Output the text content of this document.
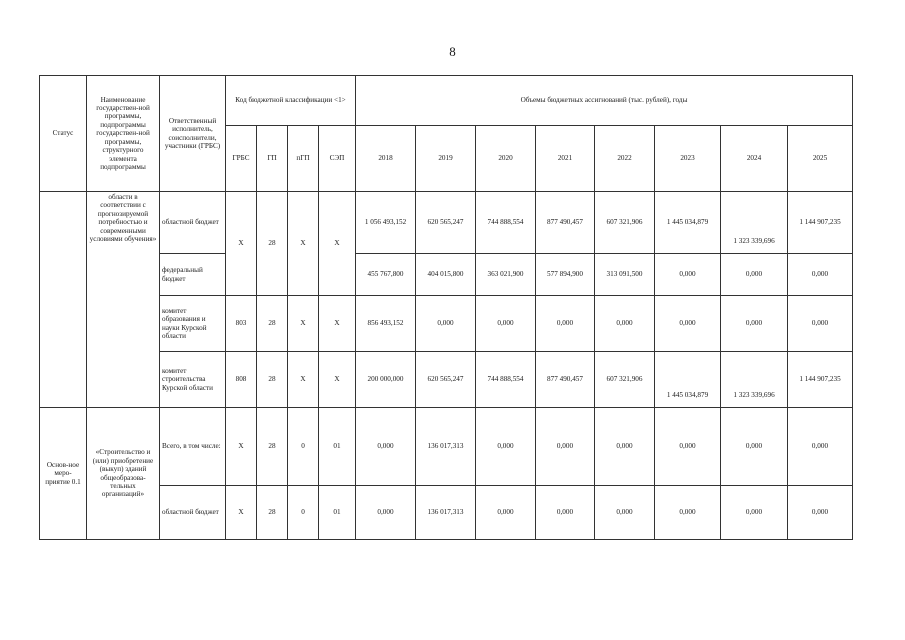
8
Статус	Наименование государствен-ной программы, подпрограммы государствен-ной программы, структурного элемента подпрограммы	Ответственный исполнитель, соисполнители, участники (ГРБС)	Код бюджетной классификации <1>				Объемы бюджетных ассигнований (тыс. рублей), годы							
			ГРБС	ГП	пГП	СЭП	2018	2019	2020	2021	2022	2023	2024	2025
	области в соответствии с прогнозируемой потребностью и современными условиями обучения»	областной бюджет	X	28	X	X	1 056 493,152	620 565,247	744 888,554	877 490,457	607 321,906	1 445 034,879	1 323 339,696	1 144 907,235
		федеральный бюджет					455 767,800	404 015,800	363 021,900	577 894,900	313 091,500	0,000	0,000	0,000
		комитет образования и науки Курской области	803	28	X	X	856 493,152	0,000	0,000	0,000	0,000	0,000	0,000	0,000
		комитет строительства Курской области	808	28	X	X	200 000,000	620 565,247	744 888,554	877 490,457	607 321,906	1 445 034,879	1 323 339,696	1 144 907,235
Основ-ное меро-приятие 0.1	«Строительство и (или) приобретение (выкуп) зданий общеобразова-тельных организаций»	Всего, в том числе:	X	28	0	01	0,000	136 017,313	0,000	0,000	0,000	0,000	0,000	0,000
		областной бюджет	X	28	0	01	0,000	136 017,313	0,000	0,000	0,000	0,000	0,000	0,000
